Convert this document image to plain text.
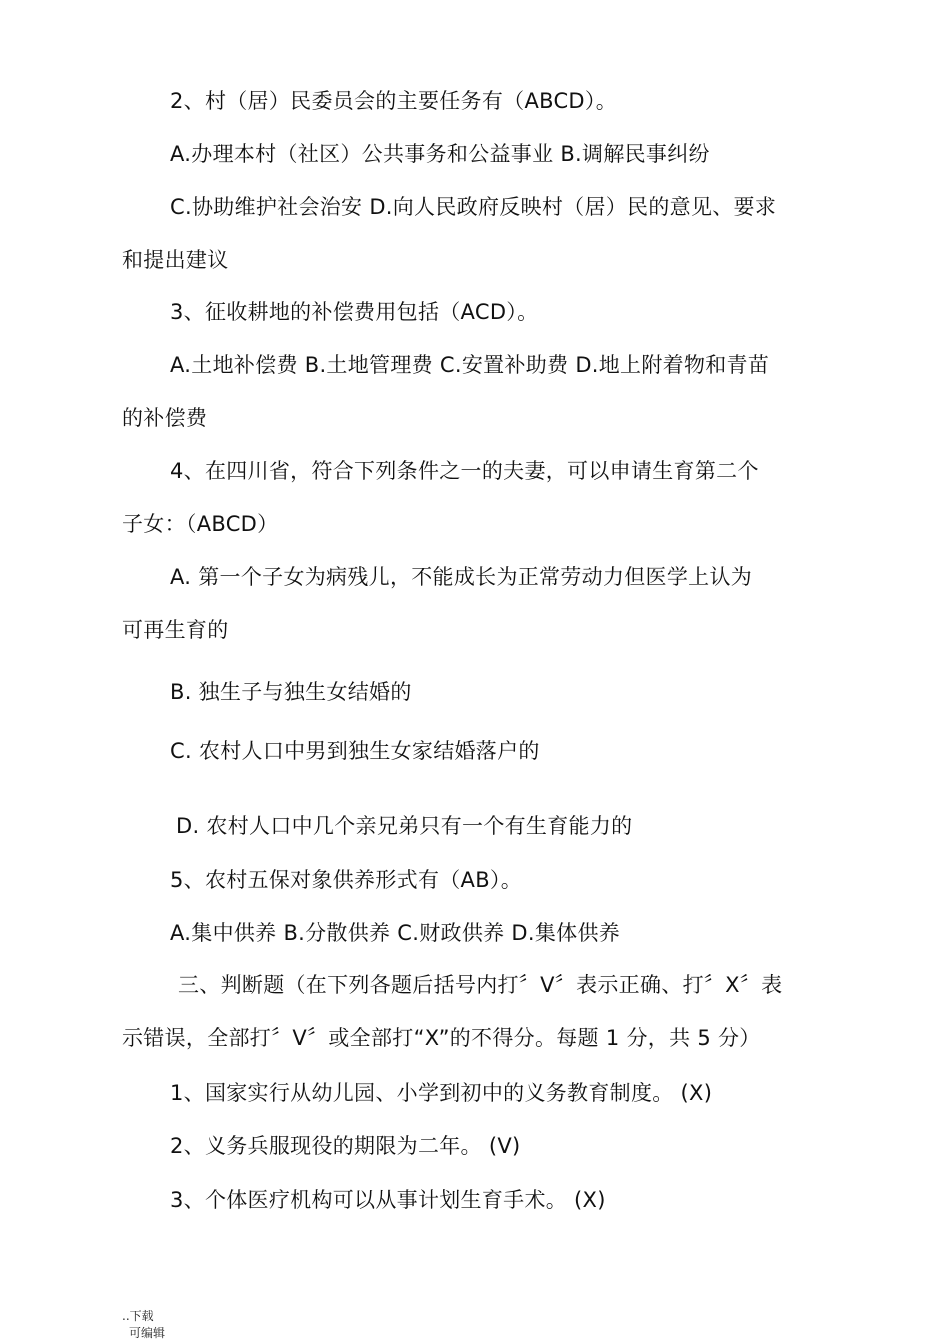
2、村（居）民委员会的主要任务有（ABCD）。
A.办理本村（社区）公共事务和公益事业 B.调解民事纠纷
C.协助维护社会治安 D.向人民政府反映村（居）民的意见、要求
和提出建议
3、征收耕地的补偿费用包括（ACD）。
A.土地补偿费 B.土地管理费 C.安置补助费 D.地上附着物和青苗
的补偿费
4、在四川省，符合下列条件之一的夫妻，可以申请生育第二个
子女：（ABCD）
A. 第一个子女为病残儿，不能成长为正常劳动力但医学上认为
可再生育的
B. 独生子与独生女结婚的
C. 农村人口中男到独生女家结婚落户的
D. 农村人口中几个亲兄弟只有一个有生育能力的
5、农村五保对象供养形式有（AB）。
A.集中供养 B.分散供养 C.财政供养 D.集体供养
三、判断题（在下列各题后括号内打〞V〞表示正确、打〞X〞表
示错误，全部打〞V〞或全部打“X”的不得分。每题 1 分，共 5 分）
1、国家实行从幼儿园、小学到初中的义务教育制度。 (X)
2、义务兵服现役的期限为二年。 (V)
3、个体医疗机构可以从事计划生育手术。 (X)
..下载
可编辑
